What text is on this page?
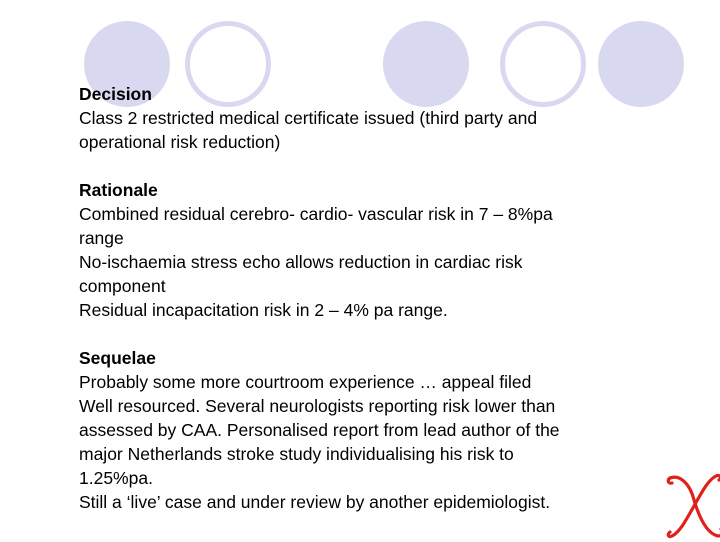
Decision
Class 2 restricted medical certificate issued (third party and
operational risk reduction)
Rationale
Combined residual cerebro- cardio- vascular risk in 7 – 8%pa
range
No-ischaemia stress echo allows reduction in cardiac risk
component
Residual incapacitation risk in 2 – 4% pa range.
Sequelae
Probably some more courtroom experience … appeal filed
Well resourced. Several neurologists reporting risk lower than
assessed by CAA. Personalised report from lead author of the
major Netherlands stroke study individualising his risk to
1.25%pa.
Still a ‘live’ case and under review by another epidemiologist.
